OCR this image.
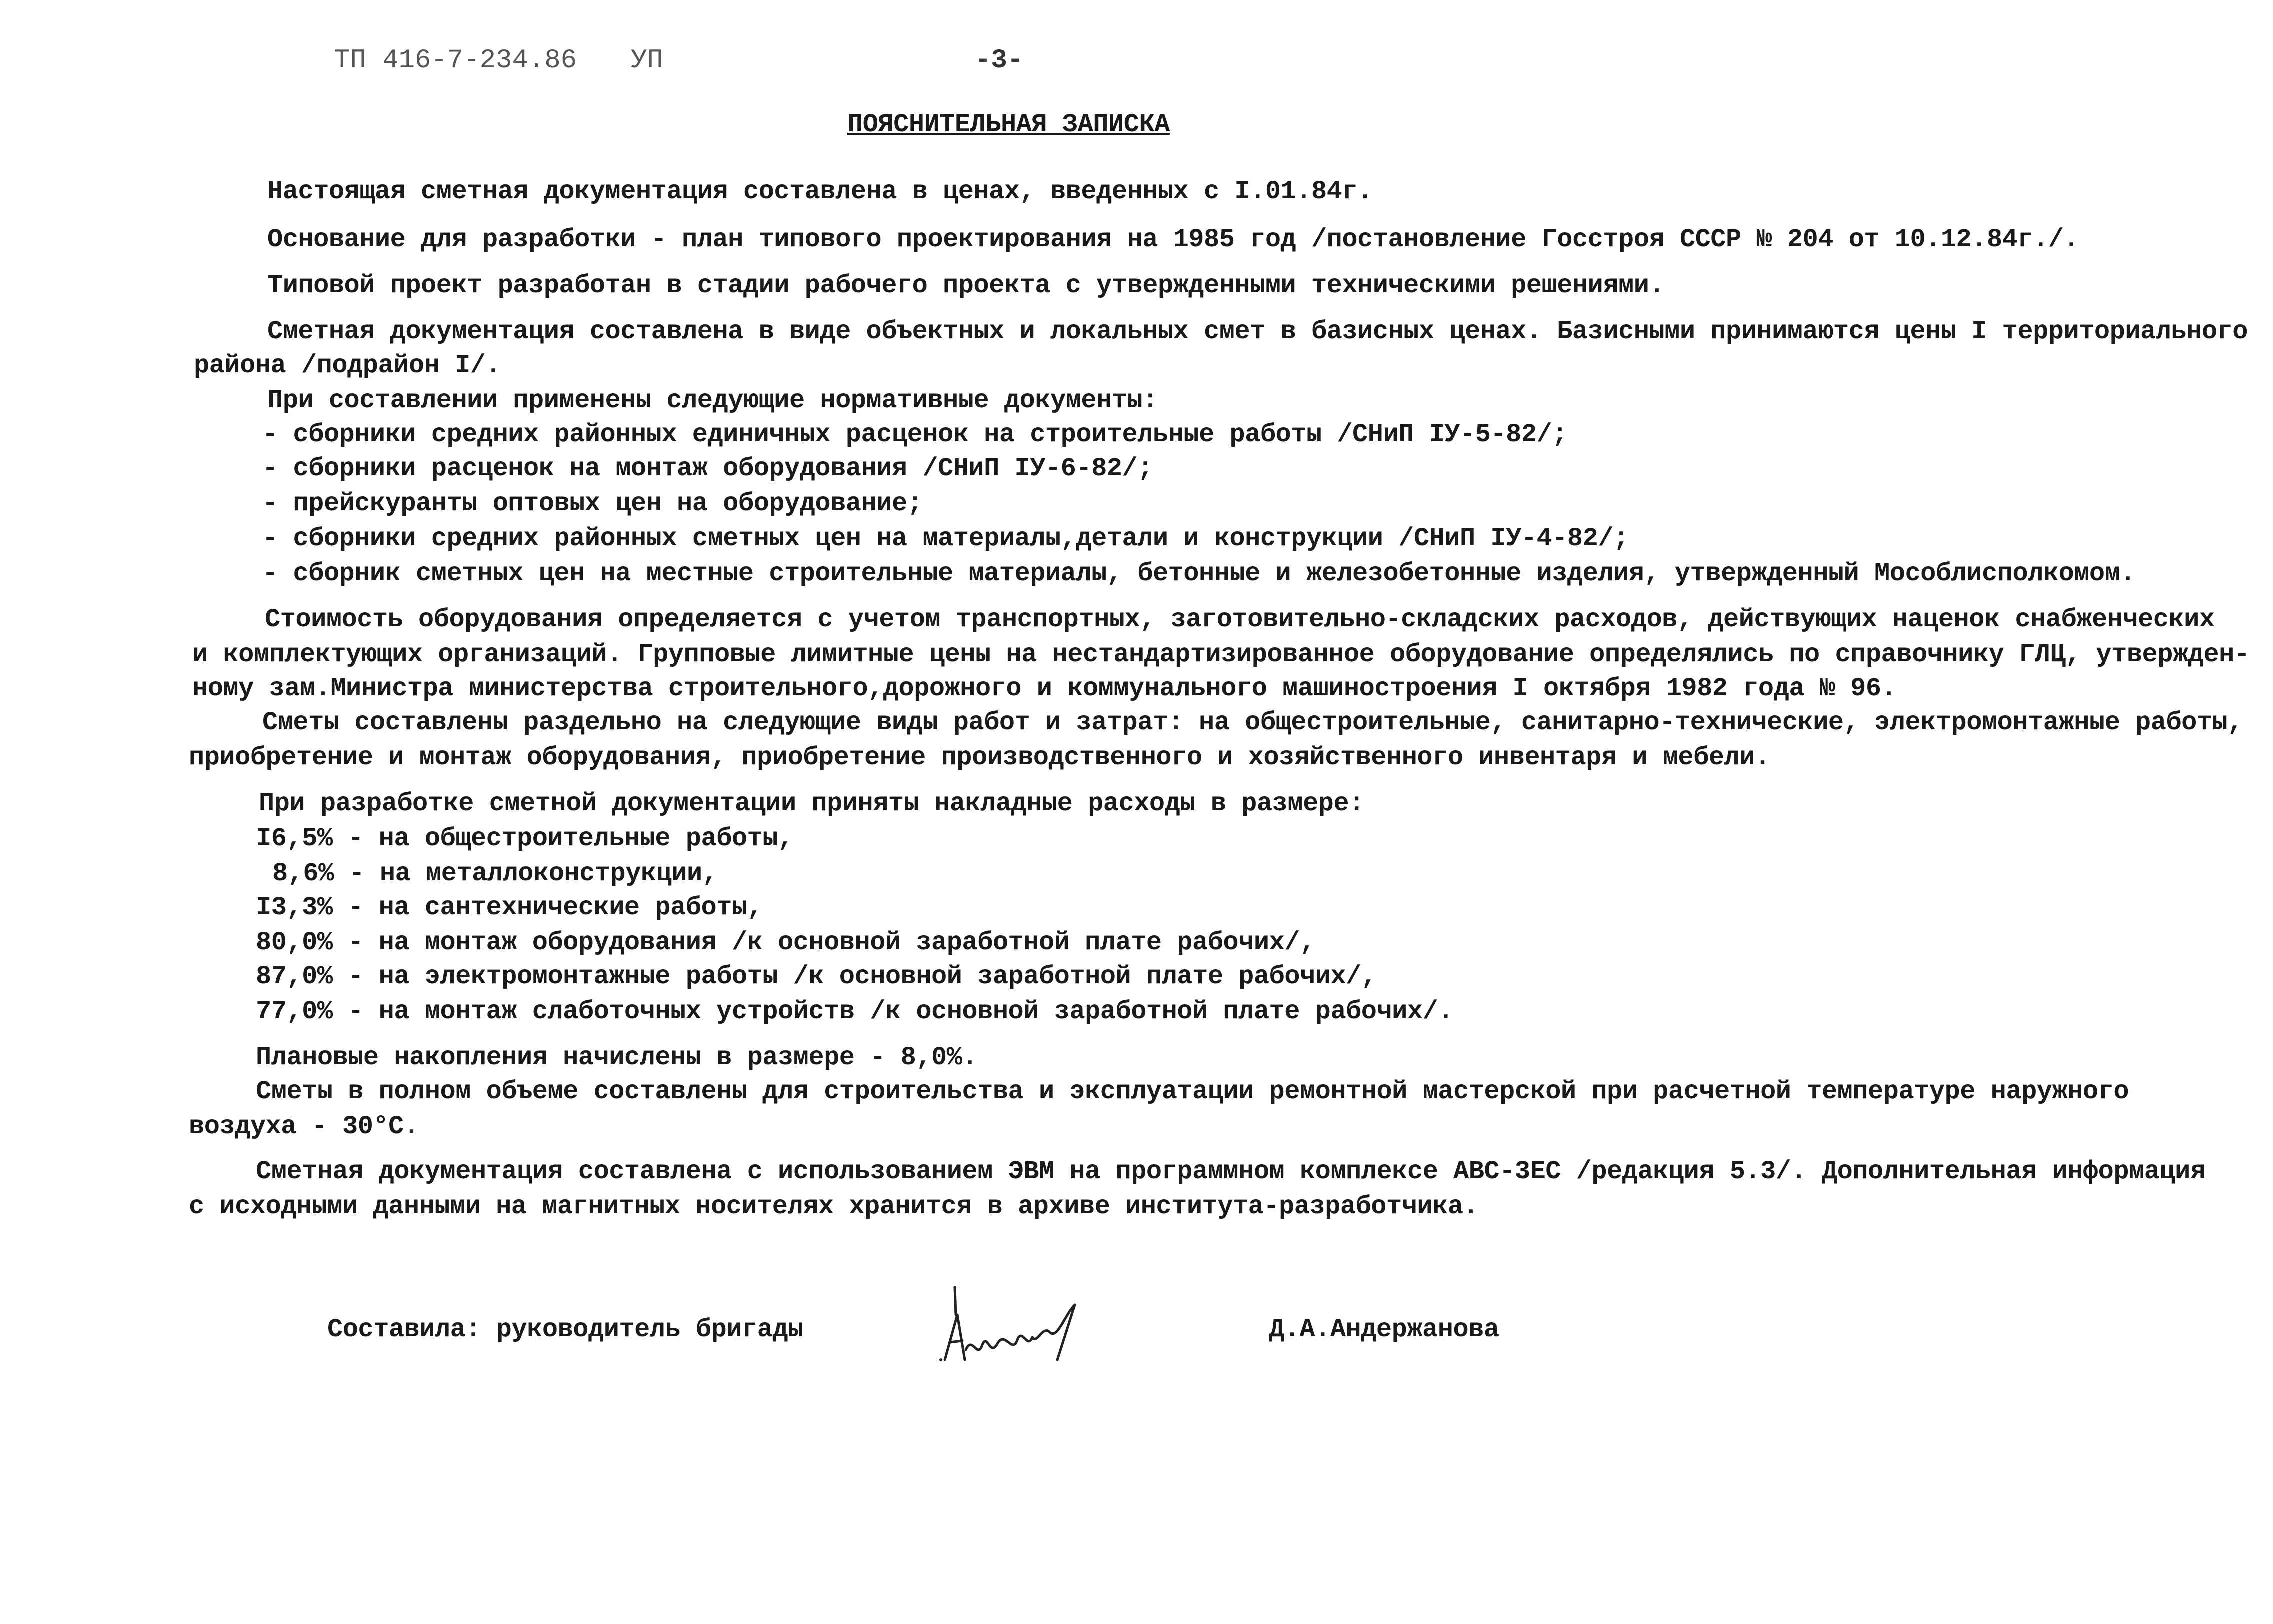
ТП 416-7-234.86 УП	-3-
ПОЯСНИТЕЛЬНАЯ ЗАПИСКА
Настоящая сметная документация составлена в ценах, введенных с I.01.84г.
Основание для разработки - план типового проектирования на 1985 год /постановление Госстроя СССР № 204 от 10.12.84г./.
Типовой проект разработан в стадии рабочего проекта с утвержденными техническими решениями.
Сметная документация составлена в виде объектных и локальных смет в базисных ценах. Базисными принимаются цены I территориального
района /подрайон I/.
При составлении применены следующие нормативные документы:
- сборники средних районных единичных расценок на строительные работы /СНиП IУ-5-82/;
- сборники расценок на монтаж оборудования /СНиП IУ-6-82/;
- прейскуранты оптовых цен на оборудование;
- сборники средних районных сметных цен на материалы,детали и конструкции /СНиП IУ-4-82/;
- сборник сметных цен на местные строительные материалы, бетонные и железобетонные изделия, утвержденный Мособлисполкомом.
Стоимость оборудования определяется с учетом транспортных, заготовительно-складских расходов, действующих наценок снабженческих
и комплектующих организаций. Групповые лимитные цены на нестандартизированное оборудование определялись по справочнику ГЛЦ, утвержден-
ному зам.Министра министерства строительного,дорожного и коммунального машиностроения I октября 1982 года № 96.
Сметы составлены раздельно на следующие виды работ и затрат: на общестроительные, санитарно-технические, электромонтажные работы,
приобретение и монтаж оборудования, приобретение производственного и хозяйственного инвентаря и мебели.
При разработке сметной документации приняты накладные расходы в размере:
I6,5% - на общестроительные работы,
8,6% - на металлоконструкции,
I3,3% - на сантехнические работы,
80,0% - на монтаж оборудования /к основной заработной плате рабочих/,
87,0% - на электромонтажные работы /к основной заработной плате рабочих/,
77,0% - на монтаж слаботочных устройств /к основной заработной плате рабочих/.
Плановые накопления начислены в размере - 8,0%.
Сметы в полном объеме составлены для строительства и эксплуатации ремонтной мастерской при расчетной температуре наружного
воздуха - 30°С.
Сметная документация составлена с использованием ЭВМ на программном комплексе АВС-3ЕС /редакция 5.3/. Дополнительная информация
с исходными данными на магнитных носителях хранится в архиве института-разработчика.
Составила: руководитель бригады	Д.А.Андержанова
